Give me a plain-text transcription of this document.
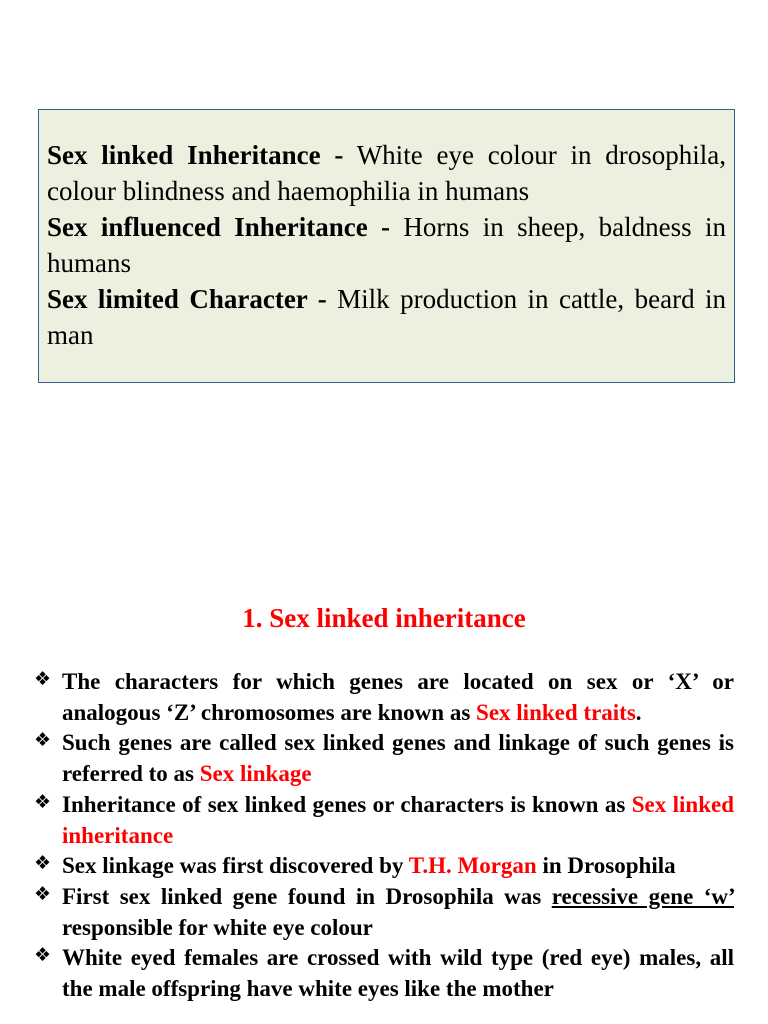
Sex linked Inheritance - White eye colour in drosophila, colour blindness and haemophilia in humans

Sex influenced Inheritance - Horns in sheep, baldness in humans

Sex limited Character - Milk production in cattle, beard in man

1. Sex linked inheritance
❖ The characters for which genes are located on sex or ‘X’ or analogous ‘Z’ chromosomes are known as Sex linked traits.
❖ Such genes are called sex linked genes and linkage of such genes is referred to as Sex linkage
❖ Inheritance of sex linked genes or characters is known as Sex linked inheritance
❖ Sex linkage was first discovered by T.H. Morgan in Drosophila
❖ First sex linked gene found in Drosophila was recessive gene ‘w’ responsible for white eye colour
❖ White eyed females are crossed with wild type (red eye) males, all the male offspring have white eyes like the mother
